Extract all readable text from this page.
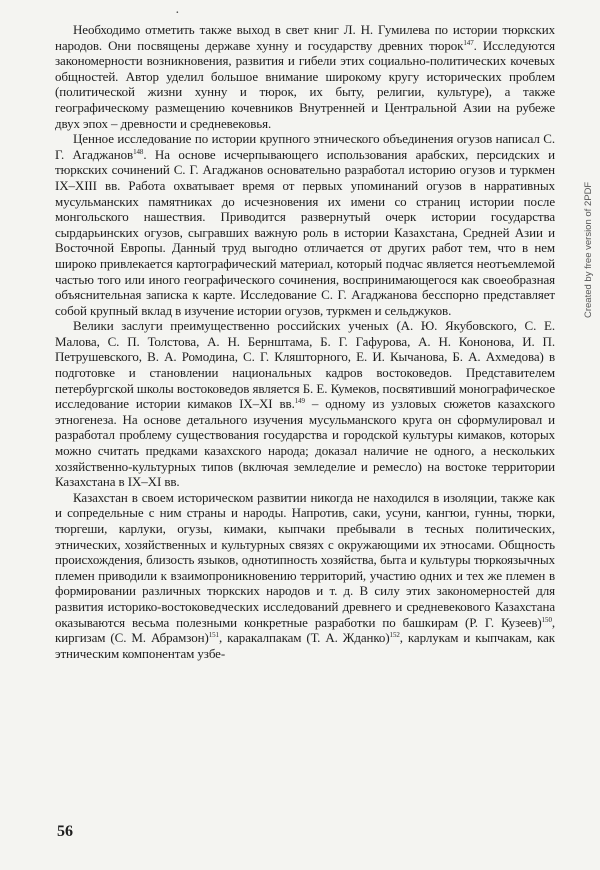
·

Необходимо отметить также выход в свет книг Л. Н. Гумилева по истории тюркских народов. Они посвящены державе хунну и государству древних тюрок$^{147}$. Исследуются закономерности возникновения, развития и гибели этих социально-политических кочевых общностей. Автор уделил большое внимание широкому кругу исторических проблем (политической жизни хунну и тюрок, их быту, религии, культуре), а также географическому размещению кочевников Внутренней и Центральной Азии на рубеже двух эпох – древности и средневековья.

Ценное исследование по истории крупного этнического объединения огузов написал С. Г. Агаджанов$^{148}$. На основе исчерпывающего использования арабских, персидских и тюркских сочинений С. Г. Агаджанов основательно разработал историю огузов и туркмен IX–XIII вв. Работа охватывает время от первых упоминаний огузов в нарративных мусульманских памятниках до исчезновения их имени со страниц истории после монгольского нашествия. Приводится развернутый очерк истории государства сырдарьинских огузов, сыгравших важную роль в истории Казахстана, Средней Азии и Восточной Европы. Данный труд выгодно отличается от других работ тем, что в нем широко привлекается картографический материал, который подчас является неотъемлемой частью того или иного географического сочинения, воспринимающегося как своеобразная объяснительная записка к карте. Исследование С. Г. Агаджанова бесспорно представляет собой крупный вклад в изучение истории огузов, туркмен и сельджуков.

Велики заслуги преимущественно российских ученых (А. Ю. Якубовского, С. Е. Малова, С. П. Толстова, А. Н. Бернштама, Б. Г. Гафурова, А. Н. Кононова, И. П. Петрушевского, В. А. Ромодина, С. Г. Кляшторного, Е. И. Кычанова, Б. А. Ахмедова) в подготовке и становлении национальных кадров востоковедов. Представителем петербургской школы востоковедов является Б. Е. Кумеков, посвятивший монографическое исследование истории кимаков IX–XI вв.$^{149}$ – одному из узловых сюжетов казахского этногенеза. На основе детального изучения мусульманского круга он сформулировал и разработал проблему существования государства и городской культуры кимаков, которых можно считать предками казахского народа; доказал наличие не одного, а нескольких хозяйственно-культурных типов (включая земледелие и ремесло) на востоке территории Казахстана в IX–XI вв.

Казахстан в своем историческом развитии никогда не находился в изоляции, также как и сопредельные с ним страны и народы. Напротив, саки, усуни, кангюи, гунны, тюрки, тюргеши, карлуки, огузы, кимаки, кыпчаки пребывали в тесных политических, этнических, хозяйственных и культурных связях с окружающими их этносами. Общность происхождения, близость языков, однотипность хозяйства, быта и культуры тюркоязычных племен приводили к взаимопроникновению территорий, участию одних и тех же племен в формировании различных тюркских народов и т. д. В силу этих закономерностей для развития историко-востоковедческих исследований древнего и средневекового Казахстана оказываются весьма полезными конкретные разработки по башкирам (Р. Г. Кузеев)$^{150}$, киргизам (С. М. Абрамзон)$^{151}$, каракалпакам (Т. А. Жданко)$^{152}$, карлукам и кыпчакам, как этническим компонентам узбе-

56
Created by free version of 2PDF
